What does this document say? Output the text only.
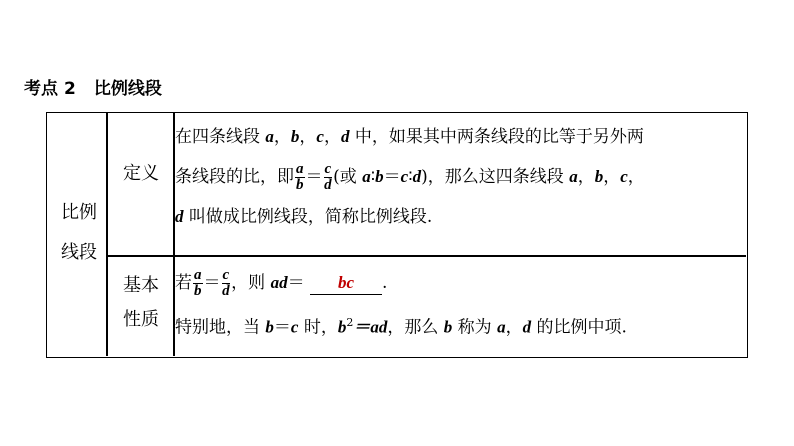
考点 2 比例线段
比例
线段
定义
在四条线段 a，b，c，d 中，如果其中两条线段的比等于另外两
条线段的比，即 $\frac{a}{b} = \frac{c}{d}$ (或 a∶b＝c∶d)，那么这四条线段 a，b，c，
d 叫做成比例线段，简称比例线段.
基本
性质
若 $\frac{a}{b} = \frac{c}{d}$ ，则 ad＝ bc .
特别地，当 b＝c 时，$b^2=ad$，那么 b 称为 a，d 的比例中项.
